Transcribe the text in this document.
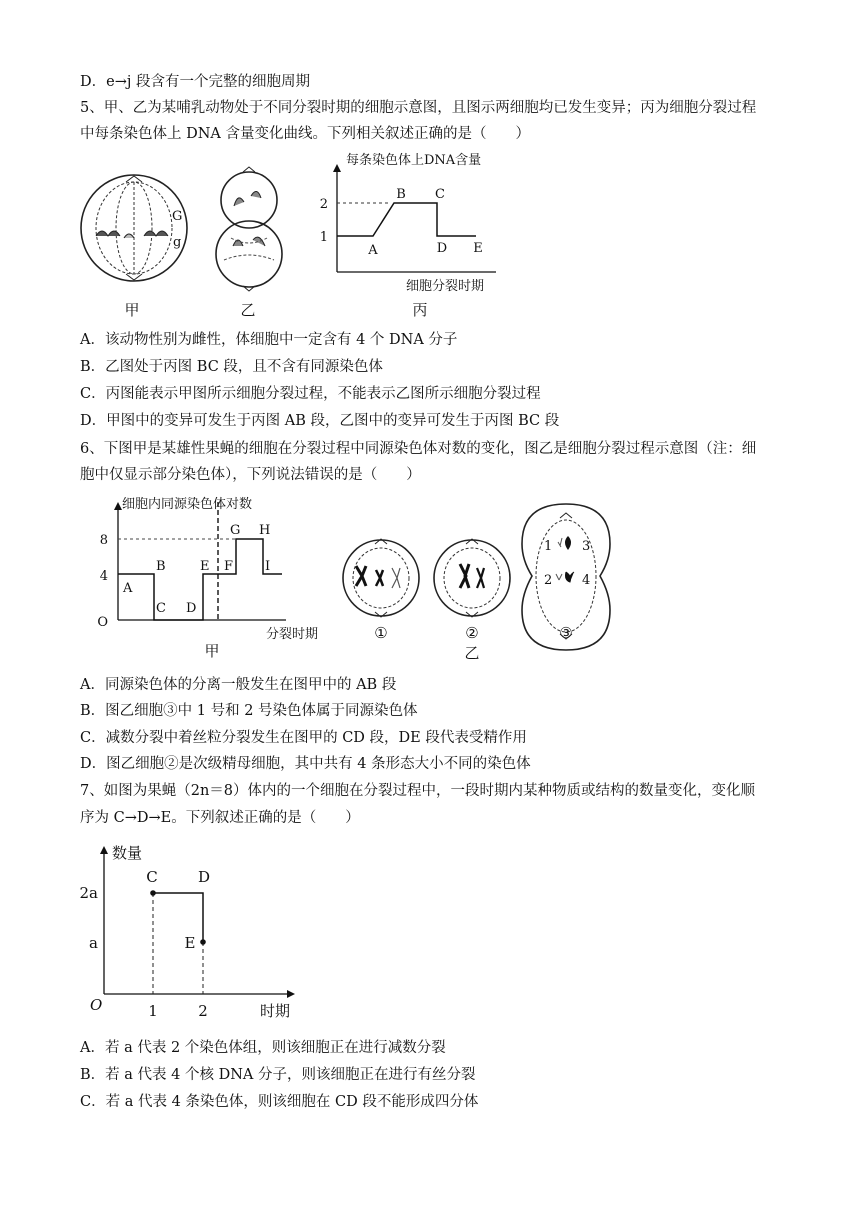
D．e→j 段含有一个完整的细胞周期
5、甲、乙为某哺乳动物处于不同分裂时期的细胞示意图，且图示两细胞均已发生变异；丙为细胞分裂过程
中每条染色体上 DNA 含量变化曲线。下列相关叙述正确的是（　　）
G
g
甲	乙
每条染色体上DNA含量
细胞分裂时期
2
1
A
B C
D E
丙
A．该动物性别为雌性，体细胞中一定含有 4 个 DNA 分子
B．乙图处于丙图 BC 段，且不含有同源染色体
C．丙图能表示甲图所示细胞分裂过程，不能表示乙图所示细胞分裂过程
D．甲图中的变异可发生于丙图 AB 段，乙图中的变异可发生于丙图 BC 段
6、下图甲是某雄性果蝇的细胞在分裂过程中同源染色体对数的变化，图乙是细胞分裂过程示意图（注：细
胞中仅显示部分染色体），下列说法错误的是（　　）
细胞内同源染色体对数
分裂时期
8
4
O
A
B
C D
E F
G H
I
甲
①	②
1 3
2 4
③
乙
A．同源染色体的分离一般发生在图甲中的 AB 段
B．图乙细胞③中 1 号和 2 号染色体属于同源染色体
C．减数分裂中着丝粒分裂发生在图甲的 CD 段，DE 段代表受精作用
D．图乙细胞②是次级精母细胞，其中共有 4 条形态大小不同的染色体
7、如图为果蝇（2n＝8）体内的一个细胞在分裂过程中，一段时期内某种物质或结构的数量变化，变化顺
序为 C→D→E。下列叙述正确的是（　　）
数量
时期
O
2a
a
1	2
C	D
E
A．若 a 代表 2 个染色体组，则该细胞正在进行减数分裂
B．若 a 代表 4 个核 DNA 分子，则该细胞正在进行有丝分裂
C．若 a 代表 4 条染色体，则该细胞在 CD 段不能形成四分体
